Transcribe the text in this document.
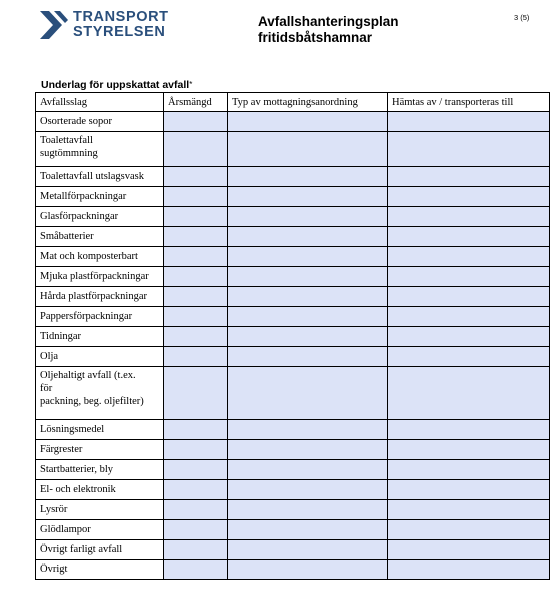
TRANSPORT
STYRELSEN
Avfallshanteringsplan
fritidsbåtshamnar
3 (5)
Underlag för uppskattat avfall*
Avfallsslag	Årsmängd	Typ av mottagningsanordning	Hämtas av / transporteras till

Osorterade sopor			

Toalettavfall
sugtömmning			

Toalettavfall utslagsvask			

Metallförpackningar			

Glasförpackningar			

Småbatterier			

Mat och komposterbart			

Mjuka plastförpackningar			

Hårda plastförpackningar			

Pappersförpackningar			

Tidningar			

Olja			

Oljehaltigt avfall (t.ex.
för
packning, beg. oljefilter)			

Lösningsmedel			

Färgrester			

Startbatterier, bly			

El- och elektronik			

Lysrör			

Glödlampor			

Övrigt farligt avfall			

Övrigt			
